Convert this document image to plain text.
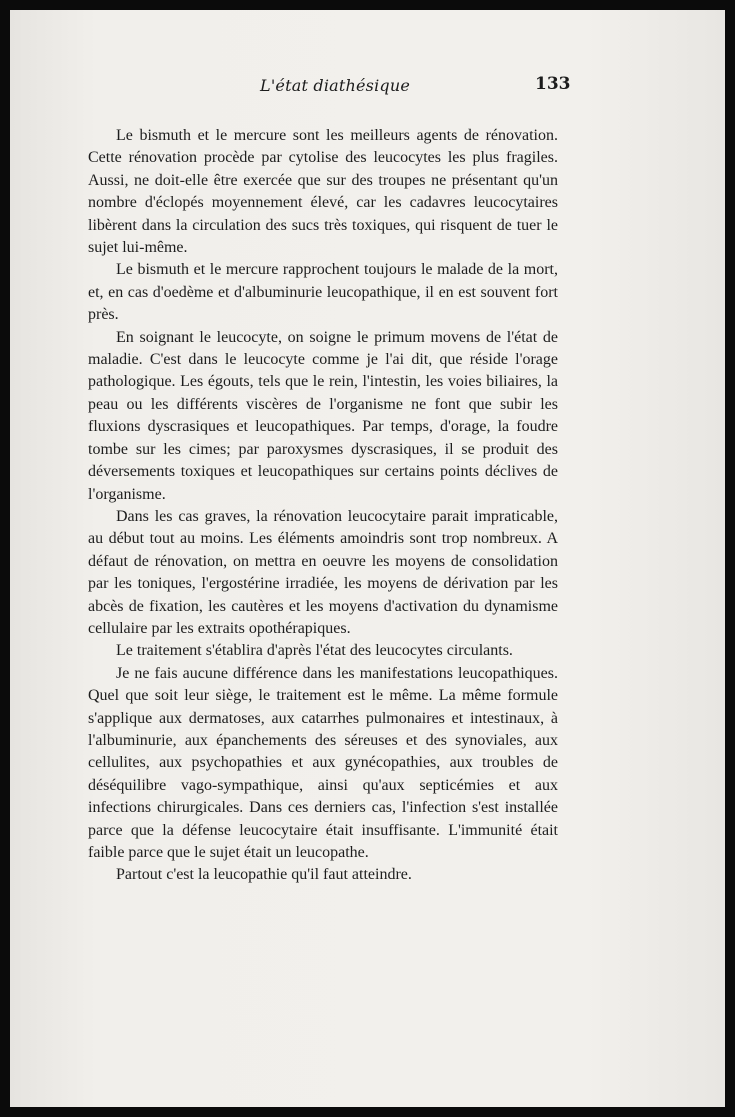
L'état diathésique	133

Le bismuth et le mercure sont les meilleurs agents de rénovation. Cette rénovation procède par cytolise des leucocytes les plus fragiles. Aussi, ne doit-elle être exercée que sur des troupes ne présentant qu'un nombre d'éclopés moyennement élevé, car les cadavres leucocytaires libèrent dans la circulation des sucs très toxiques, qui risquent de tuer le sujet lui-même.

Le bismuth et le mercure rapprochent toujours le malade de la mort, et, en cas d'oedème et d'albuminurie leucopathique, il en est souvent fort près.

En soignant le leucocyte, on soigne le primum movens de l'état de maladie. C'est dans le leucocyte comme je l'ai dit, que réside l'orage pathologique. Les égouts, tels que le rein, l'intestin, les voies biliaires, la peau ou les différents viscères de l'organisme ne font que subir les fluxions dyscrasiques et leucopathiques. Par temps, d'orage, la foudre tombe sur les cimes; par paroxysmes dyscrasiques, il se produit des déversements toxiques et leucopathiques sur certains points déclives de l'organisme.

Dans les cas graves, la rénovation leucocytaire parait impraticable, au début tout au moins. Les éléments amoindris sont trop nombreux. A défaut de rénovation, on mettra en oeuvre les moyens de consolidation par les toniques, l'ergostérine irradiée, les moyens de dérivation par les abcès de fixation, les cautères et les moyens d'activation du dynamisme cellulaire par les extraits opothérapiques.

Le traitement s'établira d'après l'état des leucocytes circulants.

Je ne fais aucune différence dans les manifestations leucopathiques. Quel que soit leur siège, le traitement est le même. La même formule s'applique aux dermatoses, aux catarrhes pulmonaires et intestinaux, à l'albuminurie, aux épanchements des séreuses et des synoviales, aux cellulites, aux psychopathies et aux gynécopathies, aux troubles de déséquilibre vago-sympathique, ainsi qu'aux septicémies et aux infections chirurgicales. Dans ces derniers cas, l'infection s'est installée parce que la défense leucocytaire était insuffisante. L'immunité était faible parce que le sujet était un leucopathe.

Partout c'est la leucopathie qu'il faut atteindre.
